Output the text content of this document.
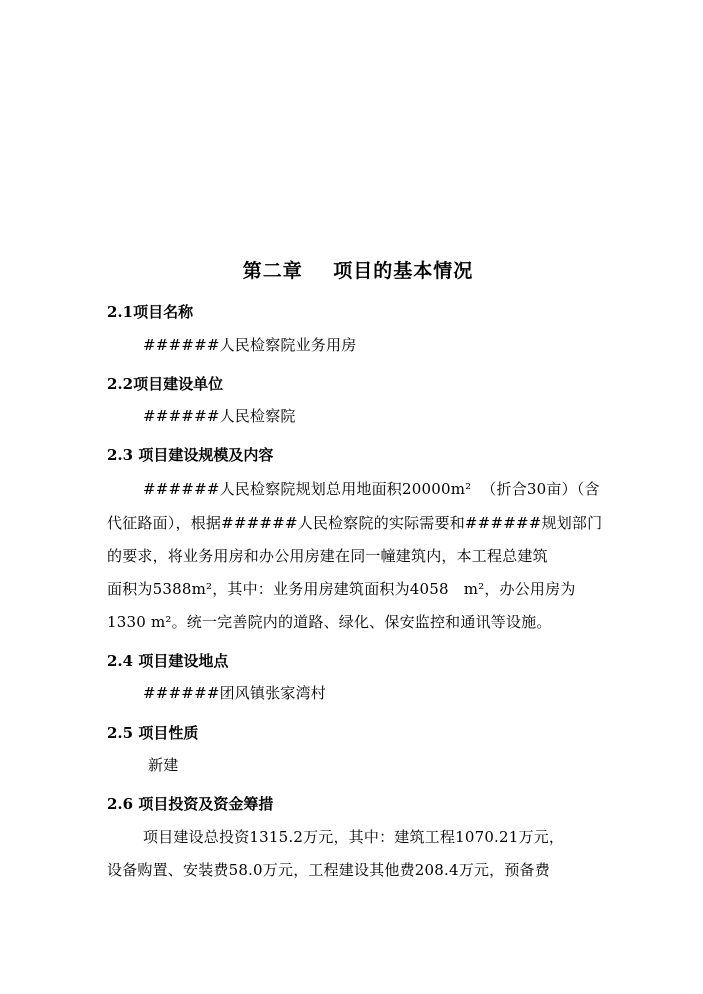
第二章    项目的基本情况
2.1项目名称
######人民检察院业务用房
2.2项目建设单位
######人民检察院
2.3 项目建设规模及内容
######人民检察院规划总用地面积20000m²  （折合30亩）（含
代征路面），根据######人民检察院的实际需要和######规划部门
的要求，将业务用房和办公用房建在同一幢建筑内，本工程总建筑
面积为5388m²，其中：业务用房建筑面积为4058   m²，办公用房为
1330 m²。统一完善院内的道路、绿化、保安监控和通讯等设施。
2.4 项目建设地点
######团风镇张家湾村
2.5 项目性质
新建
2.6 项目投资及资金筹措
项目建设总投资1315.2万元，其中：建筑工程1070.21万元，
设备购置、安装费58.0万元，工程建设其他费208.4万元，预备费
